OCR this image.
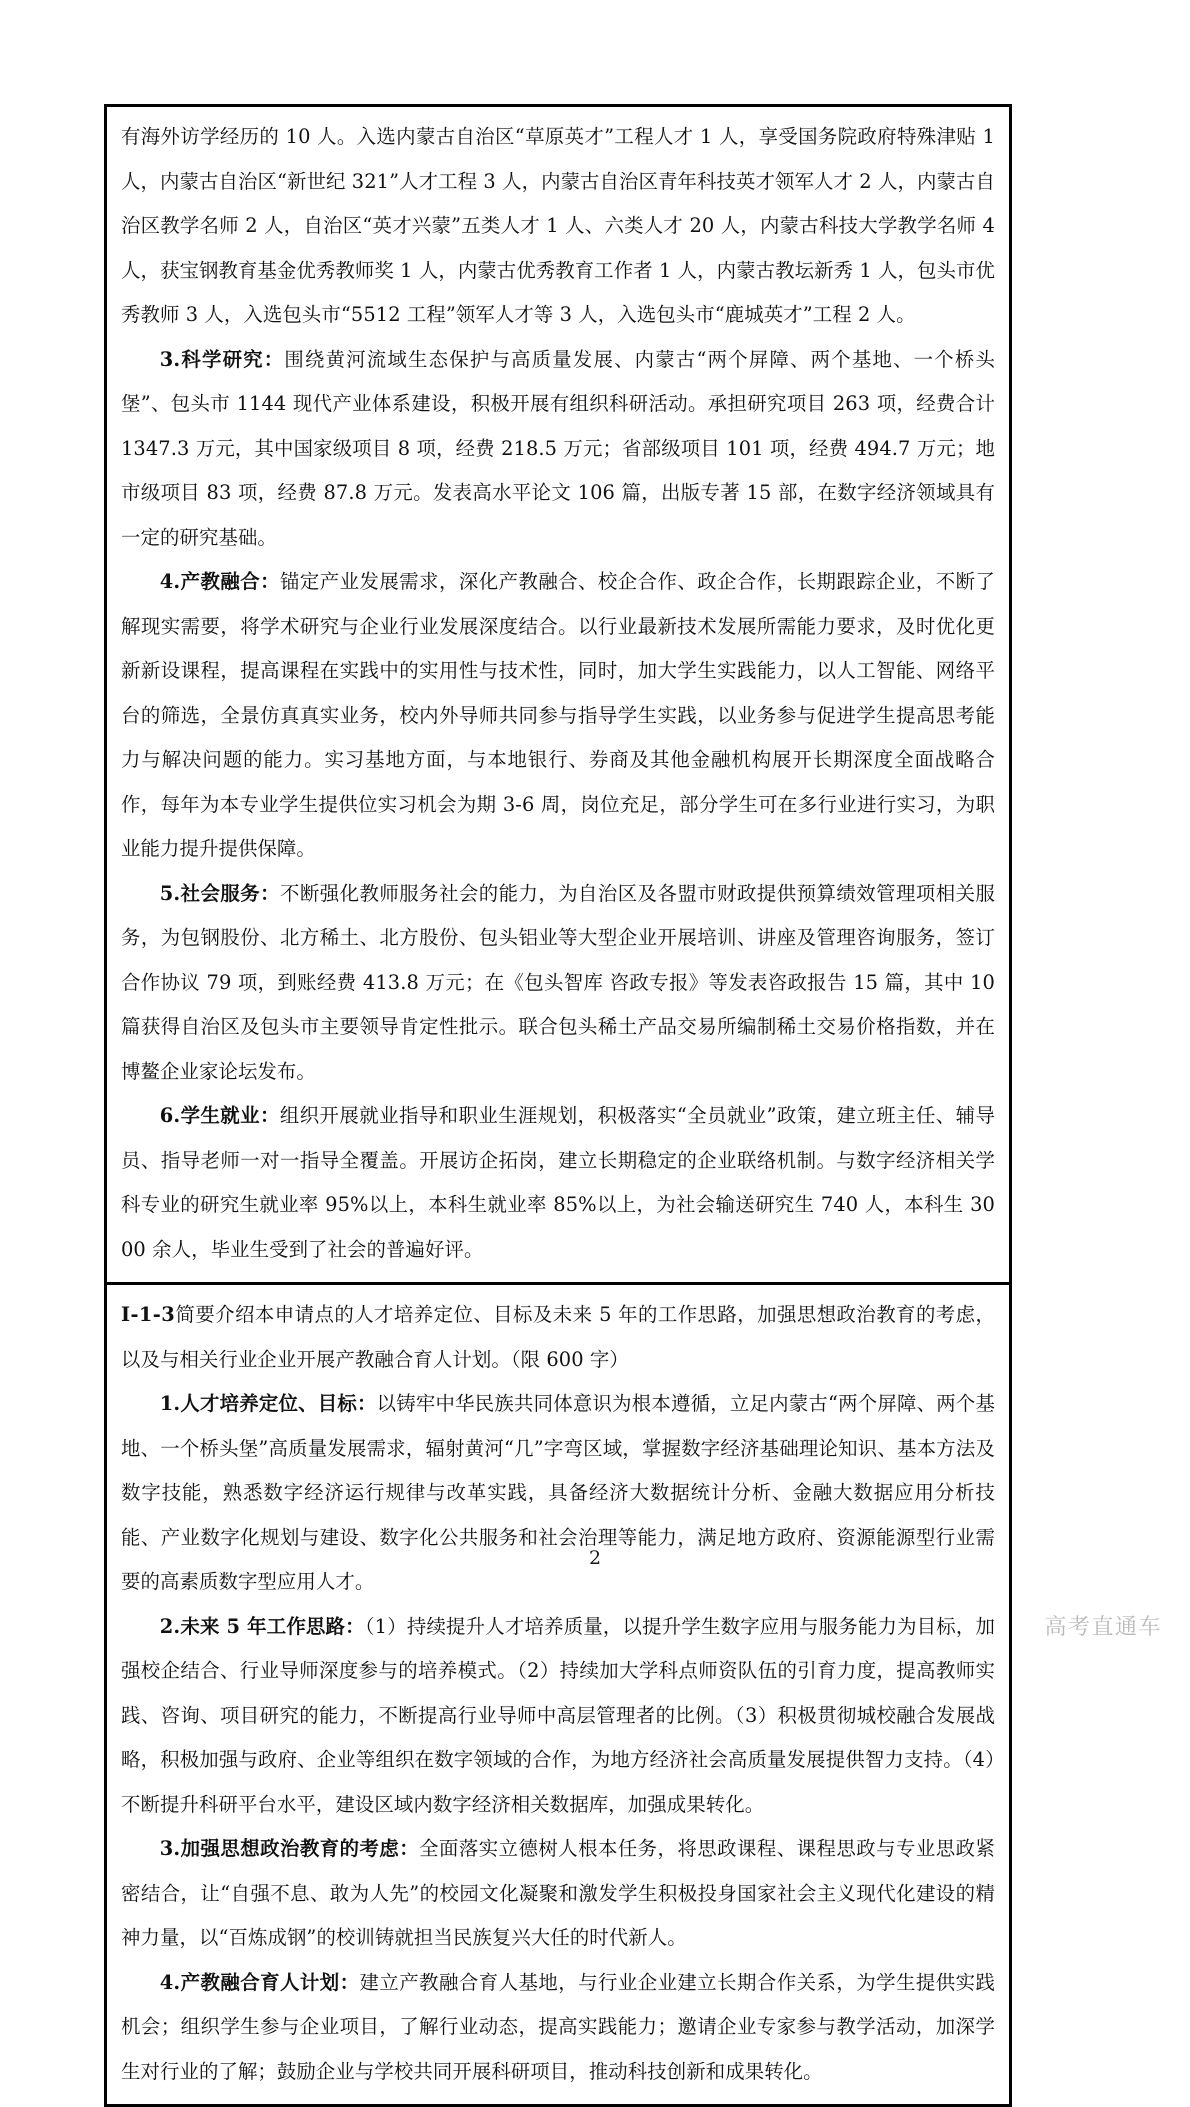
有海外访学经历的 10 人。入选内蒙古自治区“草原英才”工程人才 1 人，享受国务院政府特殊津贴 1 人，内蒙古自治区“新世纪 321”人才工程 3 人，内蒙古自治区青年科技英才领军人才 2 人，内蒙古自治区教学名师 2 人，自治区“英才兴蒙”五类人才 1 人、六类人才 20 人，内蒙古科技大学教学名师 4 人，获宝钢教育基金优秀教师奖 1 人，内蒙古优秀教育工作者 1 人，内蒙古教坛新秀 1 人，包头市优秀教师 3 人，入选包头市“5512 工程”领军人才等 3 人，入选包头市“鹿城英才”工程 2 人。

3.科学研究：围绕黄河流域生态保护与高质量发展、内蒙古“两个屏障、两个基地、一个桥头堡”、包头市 1144 现代产业体系建设，积极开展有组织科研活动。承担研究项目 263 项，经费合计 1347.3 万元，其中国家级项目 8 项，经费 218.5 万元；省部级项目 101 项，经费 494.7 万元；地市级项目 83 项，经费 87.8 万元。发表高水平论文 106 篇，出版专著 15 部，在数字经济领域具有一定的研究基础。

4.产教融合：锚定产业发展需求，深化产教融合、校企合作、政企合作，长期跟踪企业，不断了解现实需要，将学术研究与企业行业发展深度结合。以行业最新技术发展所需能力要求，及时优化更新新设课程，提高课程在实践中的实用性与技术性，同时，加大学生实践能力，以人工智能、网络平台的筛选，全景仿真真实业务，校内外导师共同参与指导学生实践，以业务参与促进学生提高思考能力与解决问题的能力。实习基地方面，与本地银行、券商及其他金融机构展开长期深度全面战略合作，每年为本专业学生提供位实习机会为期 3-6 周，岗位充足，部分学生可在多行业进行实习，为职业能力提升提供保障。

5.社会服务：不断强化教师服务社会的能力，为自治区及各盟市财政提供预算绩效管理项相关服务，为包钢股份、北方稀土、北方股份、包头铝业等大型企业开展培训、讲座及管理咨询服务，签订合作协议 79 项，到账经费 413.8 万元；在《包头智库 咨政专报》等发表咨政报告 15 篇，其中 10 篇获得自治区及包头市主要领导肯定性批示。联合包头稀土产品交易所编制稀土交易价格指数，并在博鳌企业家论坛发布。

6.学生就业：组织开展就业指导和职业生涯规划，积极落实“全员就业”政策，建立班主任、辅导员、指导老师一对一指导全覆盖。开展访企拓岗，建立长期稳定的企业联络机制。与数字经济相关学科专业的研究生就业率 95%以上，本科生就业率 85%以上，为社会输送研究生 740 人，本科生 3000 余人，毕业生受到了社会的普遍好评。

I-1-3简要介绍本申请点的人才培养定位、目标及未来 5 年的工作思路，加强思想政治教育的考虑，以及与相关行业企业开展产教融合育人计划。（限 600 字）

1.人才培养定位、目标：以铸牢中华民族共同体意识为根本遵循，立足内蒙古“两个屏障、两个基地、一个桥头堡”高质量发展需求，辐射黄河“几”字弯区域，掌握数字经济基础理论知识、基本方法及数字技能，熟悉数字经济运行规律与改革实践，具备经济大数据统计分析、金融大数据应用分析技能、产业数字化规划与建设、数字化公共服务和社会治理等能力，满足地方政府、资源能源型行业需要的高素质数字型应用人才。

2.未来 5 年工作思路：（1）持续提升人才培养质量，以提升学生数字应用与服务能力为目标，加强校企结合、行业导师深度参与的培养模式。（2）持续加大学科点师资队伍的引育力度，提高教师实践、咨询、项目研究的能力，不断提高行业导师中高层管理者的比例。（3）积极贯彻城校融合发展战略，积极加强与政府、企业等组织在数字领域的合作，为地方经济社会高质量发展提供智力支持。（4）不断提升科研平台水平，建设区域内数字经济相关数据库，加强成果转化。

3.加强思想政治教育的考虑：全面落实立德树人根本任务，将思政课程、课程思政与专业思政紧密结合，让“自强不息、敢为人先”的校园文化凝聚和激发学生积极投身国家社会主义现代化建设的精神力量，以“百炼成钢”的校训铸就担当民族复兴大任的时代新人。

4.产教融合育人计划：建立产教融合育人基地，与行业企业建立长期合作关系，为学生提供实践机会；组织学生参与企业项目，了解行业动态，提高实践能力；邀请企业专家参与教学活动，加深学生对行业的了解；鼓励企业与学校共同开展科研项目，推动科技创新和成果转化。

2
高考直通车
